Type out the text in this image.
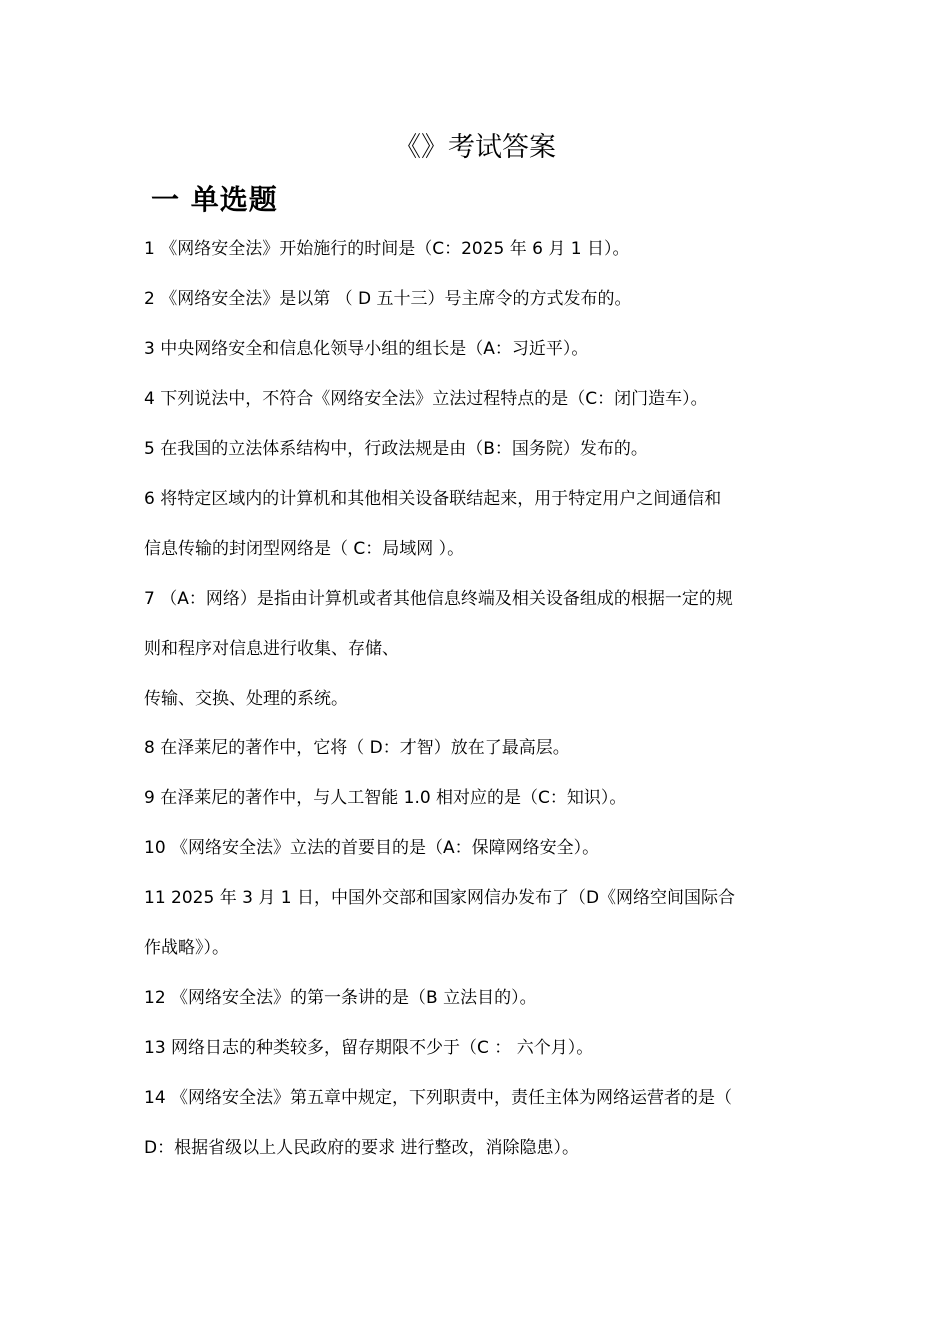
《》考试答案
一 单选题
1 《网络安全法》开始施行的时间是（C：2025 年 6 月 1 日）。
2 《网络安全法》是以第 （ D 五十三）号主席令的方式发布的。
3 中央网络安全和信息化领导小组的组长是（A：习近平）。
4 下列说法中，不符合《网络安全法》立法过程特点的是（C：闭门造车）。
5 在我国的立法体系结构中，行政法规是由（B：国务院）发布的。
6 将特定区域内的计算机和其他相关设备联结起来，用于特定用户之间通信和
信息传输的封闭型网络是（ C：局域网 ）。
7 （A：网络）是指由计算机或者其他信息终端及相关设备组成的根据一定的规
则和程序对信息进行收集、存储、
传输、交换、处理的系统。
8 在泽莱尼的著作中，它将（ D：才智）放在了最高层。
9 在泽莱尼的著作中，与人工智能 1.0 相对应的是（C：知识）。
10 《网络安全法》立法的首要目的是（A：保障网络安全）。
11 2025 年 3 月 1 日，中国外交部和国家网信办发布了（D《网络空间国际合
作战略》）。
12 《网络安全法》的第一条讲的是（B 立法目的）。
13 网络日志的种类较多，留存期限不少于（C ： 六个月）。
14 《网络安全法》第五章中规定，下列职责中，责任主体为网络运营者的是（
D：根据省级以上人民政府的要求 进行整改，消除隐患）。
